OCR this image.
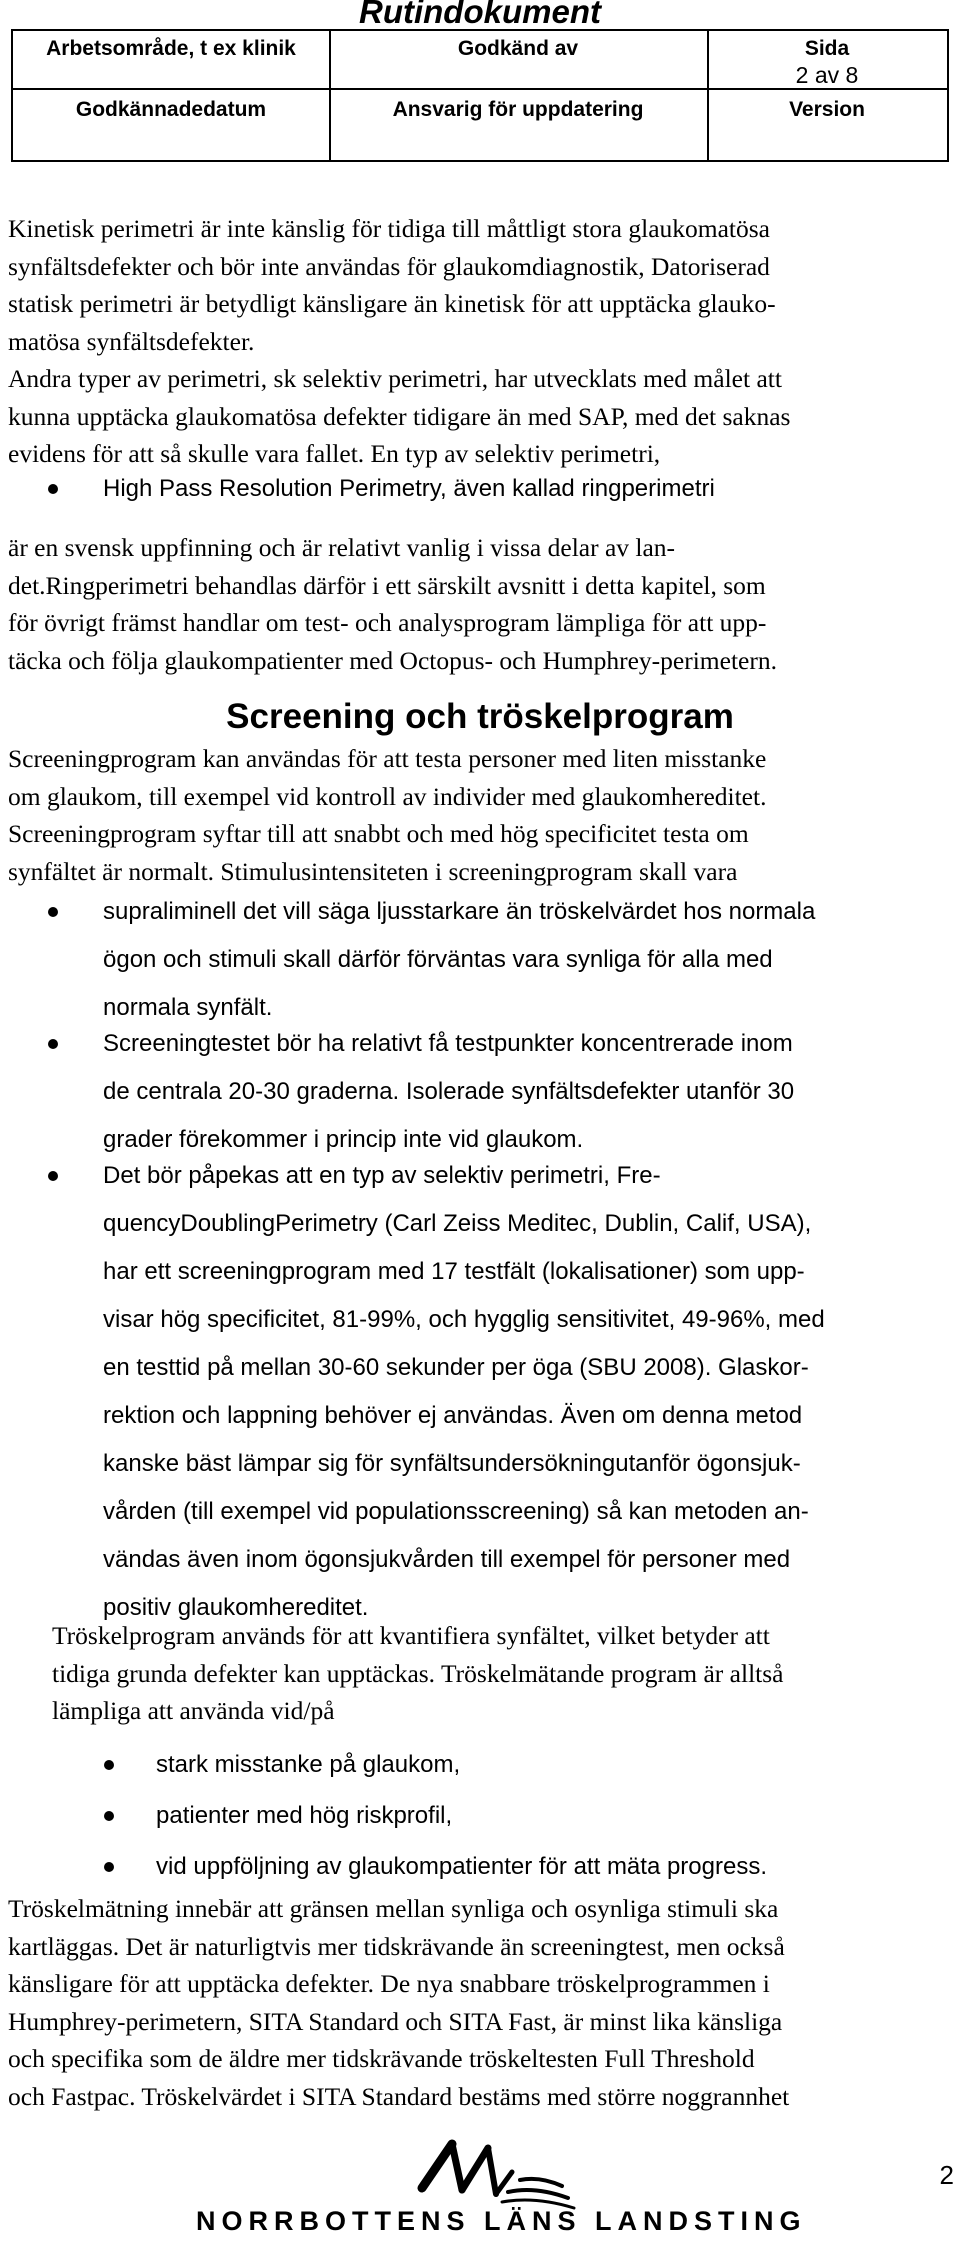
Rutindokument
Arbetsområde, t ex klinik	Godkänd av	Sida
2 av 8
Godkännadedatum	Ansvarig för uppdatering	Version
Kinetisk perimetri är inte känslig för tidiga till måttligt stora glaukomatösa
synfältsdefekter och bör inte användas för glaukomdiagnostik, Datoriserad
statisk perimetri är betydligt känsligare än kinetisk för att upptäcka glauko-
matösa synfältsdefekter.
Andra typer av perimetri, sk selektiv perimetri, har utvecklats med målet att
kunna upptäcka glaukomatösa defekter tidigare än med SAP, med det saknas
evidens för att så skulle vara fallet. En typ av selektiv perimetri,
High Pass Resolution Perimetry, även kallad ringperimetri
är en svensk uppfinning och är relativt vanlig i vissa delar av lan-
det.Ringperimetri behandlas därför i ett särskilt avsnitt i detta kapitel, som
för övrigt främst handlar om test- och analysprogram lämpliga för att upp-
täcka och följa glaukompatienter med Octopus- och Humphrey-perimetern.
Screening och tröskelprogram
Screeningprogram kan användas för att testa personer med liten misstanke
om glaukom, till exempel vid kontroll av individer med glaukomhereditet.
Screeningprogram syftar till att snabbt och med hög specificitet testa om
synfältet är normalt. Stimulusintensiteten i screeningprogram skall vara
supraliminell det vill säga ljusstarkare än tröskelvärdet hos normala
ögon och stimuli skall därför förväntas vara synliga för alla med
normala synfält.
Screeningtestet bör ha relativt få testpunkter koncentrerade inom
de centrala 20-30 graderna. Isolerade synfältsdefekter utanför 30
grader förekommer i princip inte vid glaukom.
Det bör påpekas att en typ av selektiv perimetri, Fre-
quencyDoublingPerimetry (Carl Zeiss Meditec, Dublin, Calif, USA),
har ett screeningprogram med 17 testfält (lokalisationer) som upp-
visar hög specificitet, 81-99%, och hygglig sensitivitet, 49-96%, med
en testtid på mellan 30-60 sekunder per öga (SBU 2008). Glaskor-
rektion och lappning behöver ej användas. Även om denna metod
kanske bäst lämpar sig för synfältsundersökningutanför ögonsjuk-
vården (till exempel vid populationsscreening) så kan metoden an-
vändas även inom ögonsjukvården till exempel för personer med
positiv glaukomhereditet.
Tröskelprogram används för att kvantifiera synfältet, vilket betyder att
tidiga grunda defekter kan upptäckas. Tröskelmätande program är alltså
lämpliga att använda vid/på
stark misstanke på glaukom,
patienter med hög riskprofil,
vid uppföljning av glaukompatienter för att mäta progress.
Tröskelmätning innebär att gränsen mellan synliga och osynliga stimuli ska
kartläggas. Det är naturligtvis mer tidskrävande än screeningtest, men också
känsligare för att upptäcka defekter. De nya snabbare tröskelprogrammen i
Humphrey-perimetern, SITA Standard och SITA Fast, är minst lika känsliga
och specifika som de äldre mer tidskrävande tröskeltesten Full Threshold
och Fastpac. Tröskelvärdet i SITA Standard bestäms med större noggrannhet
NORRBOTTENS LÄNS LANDSTING
2
